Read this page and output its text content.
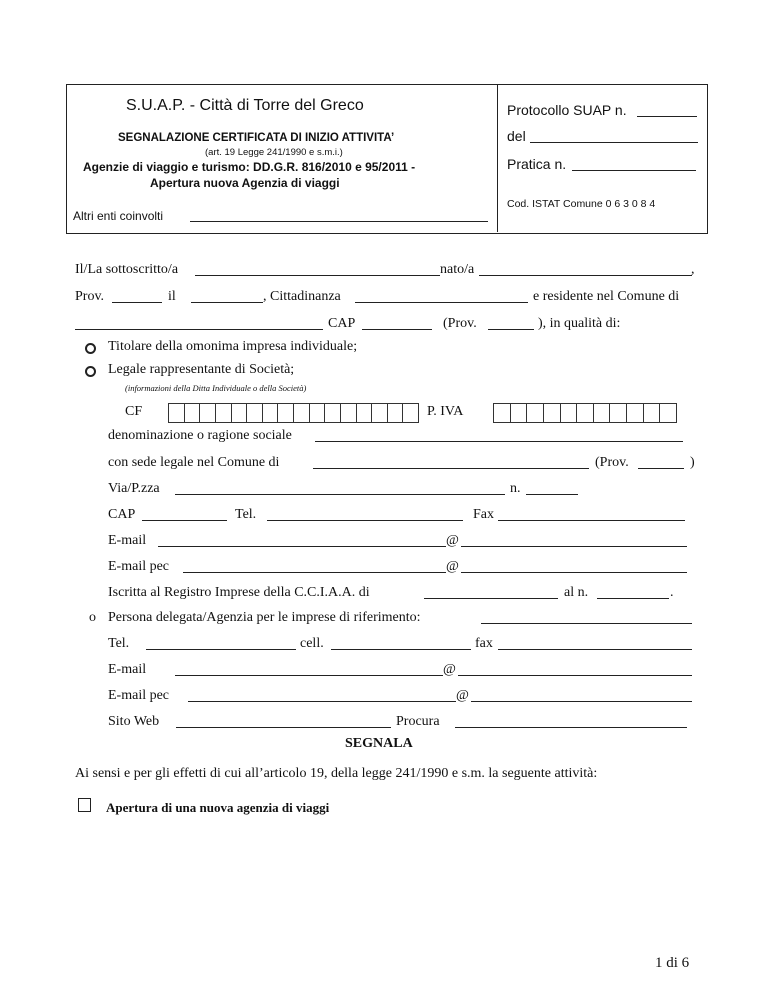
S.U.A.P. - Città di Torre del Greco
SEGNALAZIONE CERTIFICATA DI INIZIO ATTIVITA’
(art. 19 Legge 241/1990 e s.m.i.)
Agenzie di viaggio e turismo: DD.G.R. 816/2010 e 95/2011 -
Apertura nuova Agenzia di viaggi
Altri enti coinvolti
Protocollo SUAP n.
del
Pratica n.
Cod. ISTAT Comune 0 6 3 0 8 4
Il/La sottoscritto/a	nato/a	,
Prov.	il	, Cittadinanza	e residente nel Comune di
CAP	(Prov.	), in qualità di:
Titolare della omonima impresa individuale;
Legale rappresentante di Società;
(informazioni della Ditta Individuale o della Società)
CF	P. IVA
denominazione o ragione sociale
con sede legale nel Comune di	(Prov.	)
Via/P.zza	n.
CAP	Tel.	Fax
E-mail	@
E-mail pec	@
Iscritta al Registro Imprese della C.C.I.A.A. di	al n.	.
o Persona delegata/Agenzia per le imprese di riferimento:
Tel.	cell.	fax
E-mail	@
E-mail pec	@
Sito Web	Procura
SEGNALA
Ai sensi e per gli effetti di cui all’articolo 19, della legge 241/1990 e s.m. la seguente attività:
Apertura di una nuova agenzia di viaggi
1 di 6
